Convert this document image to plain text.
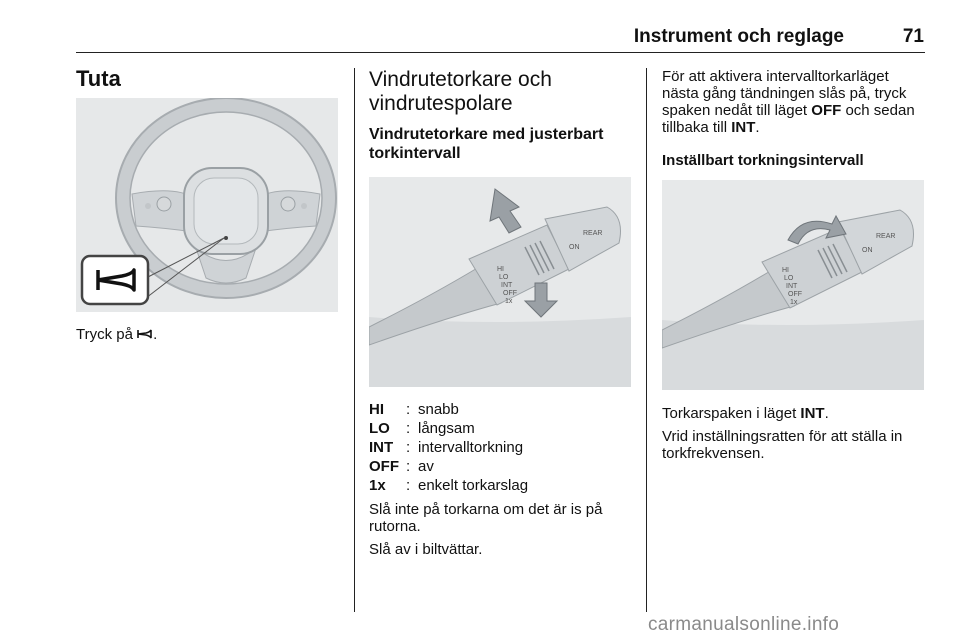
Instrument och reglage	71
Tuta
Tryck på .
Vindrutetorkare och vindrutespolare
Vindrutetorkare med justerbart torkintervall
HI
LO
INT
OFF
1x
REAR
ON
HI	: snabb
LO	: långsam
INT : intervalltorkning
OFF : av
1x	: enkelt torkarslag
Slå inte på torkarna om det är is på rutorna.
Slå av i biltvättar.
För att aktivera intervalltorkarläget nästa gång tändningen slås på, tryck spaken nedåt till läget OFF och sedan tillbaka till INT.
Inställbart torkningsintervall
HI
LO
INT
OFF
1x
REAR
ON
Torkarspaken i läget INT.
Vrid inställningsratten för att ställa in torkfrekvensen.
carmanualsonline.info
